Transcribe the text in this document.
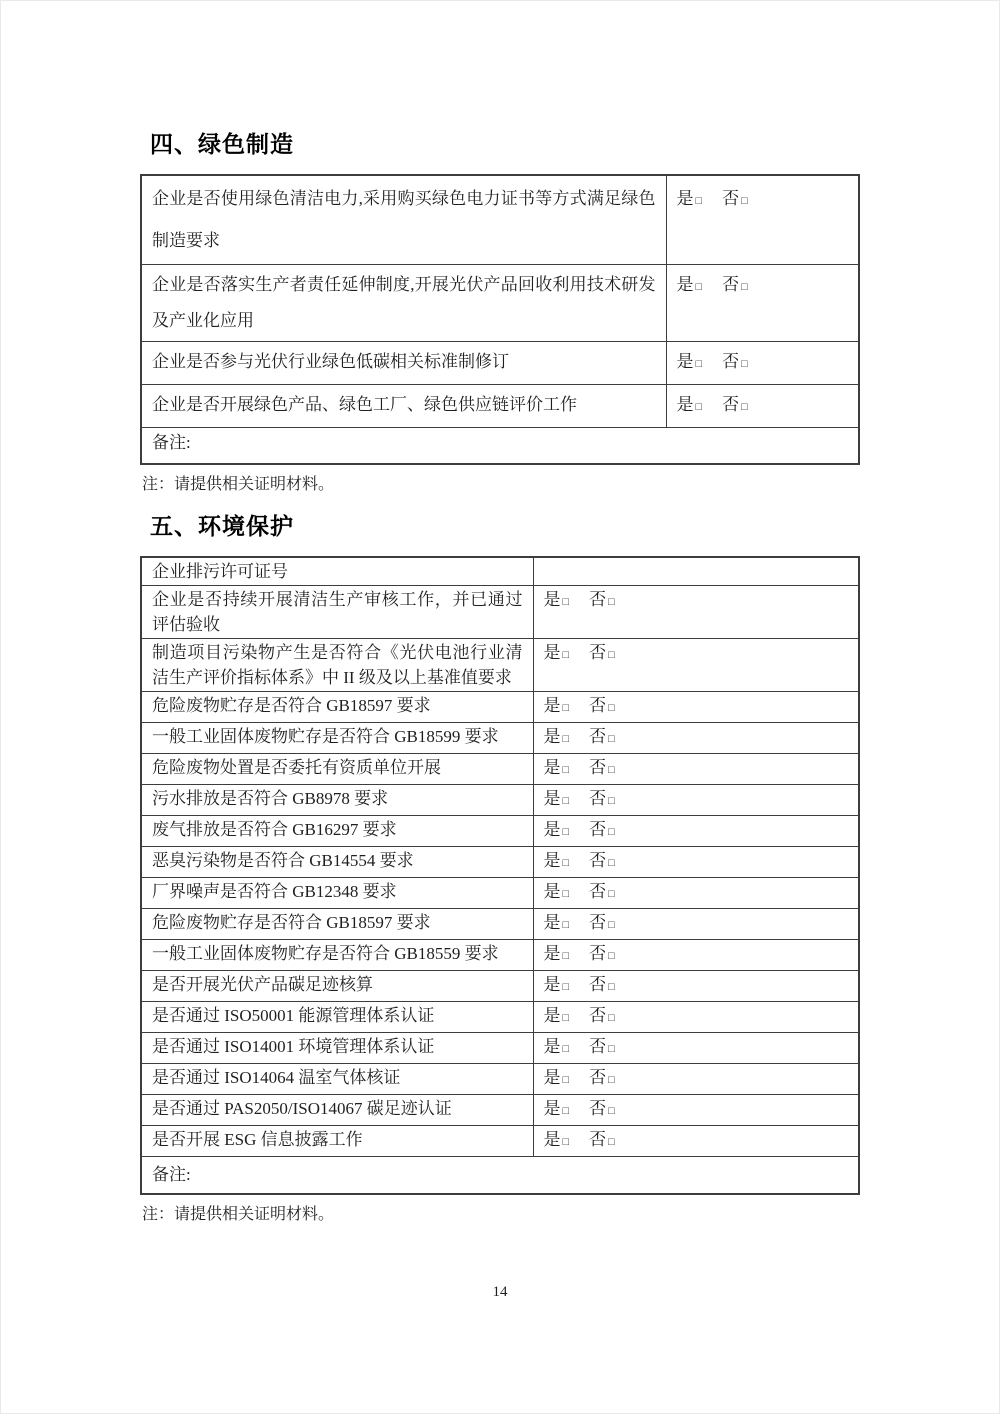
四、绿色制造
企业是否使用绿色清洁电力,采用购买绿色电力证书等方式满足绿色制造要求	是 □ 否 □
企业是否落实生产者责任延伸制度,开展光伏产品回收利用技术研发及产业化应用	是 □ 否 □
企业是否参与光伏行业绿色低碳相关标准制修订	是 □ 否 □
企业是否开展绿色产品、绿色工厂、绿色供应链评价工作	是 □ 否 □
备注:	

注：请提供相关证明材料。

五、环境保护
企业排污许可证号	
企业是否持续开展清洁生产审核工作，并已通过评估验收	是 □ 否 □
制造项目污染物产生是否符合《光伏电池行业清洁生产评价指标体系》中 II 级及以上基准值要求	是 □ 否 □
危险废物贮存是否符合 GB18597 要求	是 □ 否 □
一般工业固体废物贮存是否符合 GB18599 要求	是 □ 否 □
危险废物处置是否委托有资质单位开展	是 □ 否 □
污水排放是否符合 GB8978 要求	是 □ 否 □
废气排放是否符合 GB16297 要求	是 □ 否 □
恶臭污染物是否符合 GB14554 要求	是 □ 否 □
厂界噪声是否符合 GB12348 要求	是 □ 否 □
危险废物贮存是否符合 GB18597 要求	是 □ 否 □
一般工业固体废物贮存是否符合 GB18559 要求	是 □ 否 □
是否开展光伏产品碳足迹核算	是 □ 否 □
是否通过 ISO50001 能源管理体系认证	是 □ 否 □
是否通过 ISO14001 环境管理体系认证	是 □ 否 □
是否通过 ISO14064 温室气体核证	是 □ 否 □
是否通过 PAS2050/ISO14067 碳足迹认证	是 □ 否 □
是否开展 ESG 信息披露工作	是 □ 否 □
备注:	

注：请提供相关证明材料。

14
